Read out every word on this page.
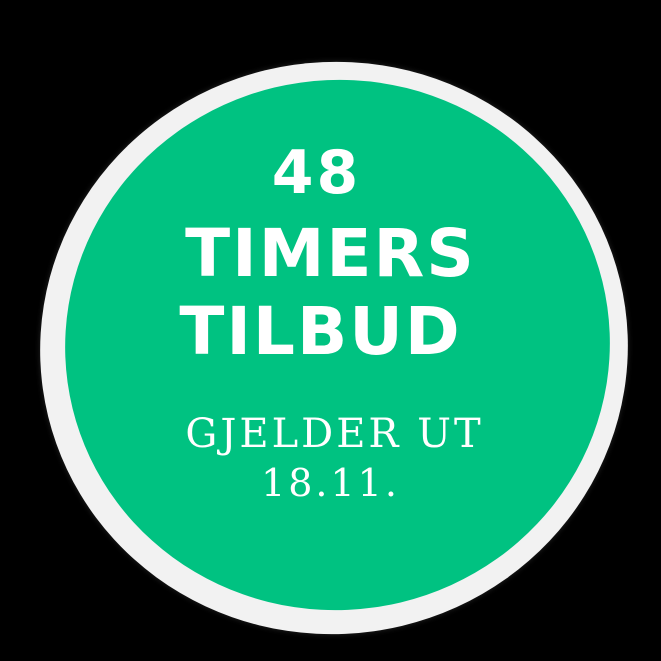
48

TIMERS

TILBUD

GJELDER UT

18.11.
